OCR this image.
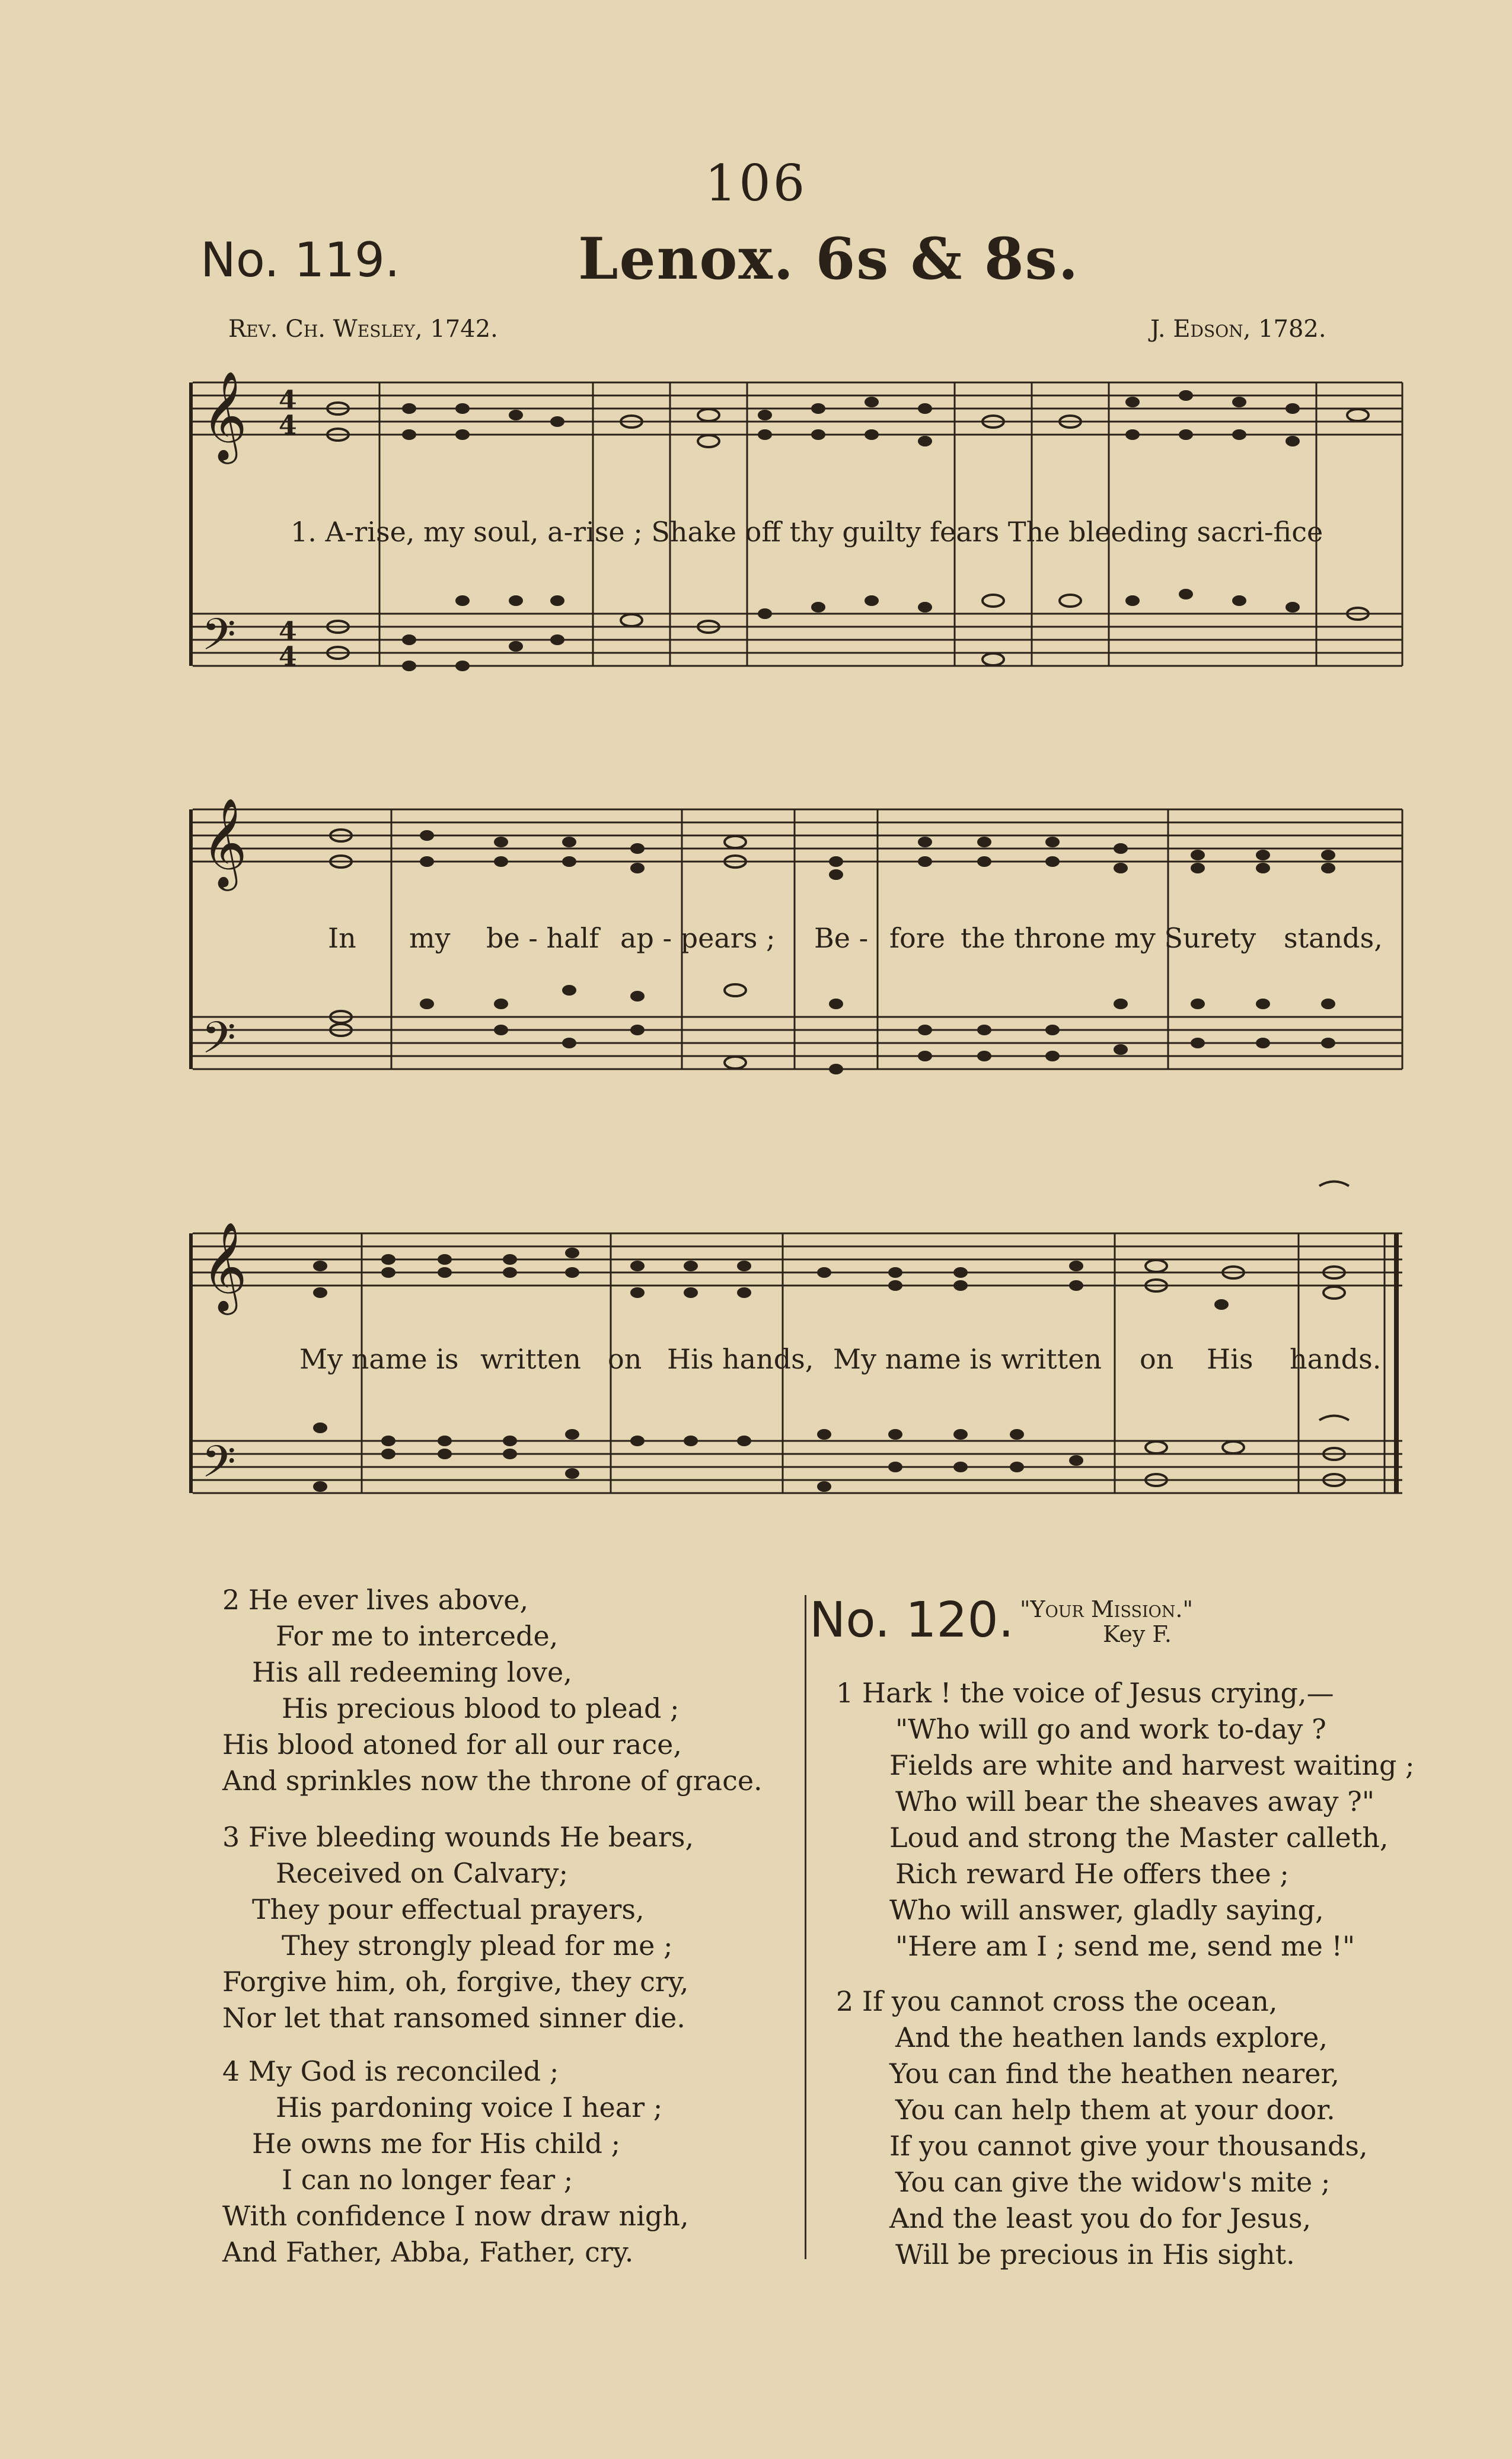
106
No. 119.	Lenox. 6s & 8s.
Rev. Ch. Wesley, 1742.	J. Edson, 1782.
𝄞
𝄢
4
4
4
4
1. A-rise, my soul, a-rise ; Shake off thy guilty fears The bleeding sacri-fice
𝄞
𝄢
In my be - half ap - pears ; Be - fore the throne my Surety stands,
𝄞
𝄢
My name is written on His hands, My name is written on His hands.
2 He ever lives above,
For me to intercede,
His all redeeming love,
His precious blood to plead ;
His blood atoned for all our race,
And sprinkles now the throne of grace.
3 Five bleeding wounds He bears,
Received on Calvary;
They pour effectual prayers,
They strongly plead for me ;
Forgive him, oh, forgive, they cry,
Nor let that ransomed sinner die.
4 My God is reconciled ;
His pardoning voice I hear ;
He owns me for His child ;
I can no longer fear ;
With confidence I now draw nigh,
And Father, Abba, Father, cry.
No. 120. "Your Mission."
Key F.
1 Hark ! the voice of Jesus crying,—
"Who will go and work to-day ?
Fields are white and harvest waiting ;
Who will bear the sheaves away ?"
Loud and strong the Master calleth,
Rich reward He offers thee ;
Who will answer, gladly saying,
"Here am I ; send me, send me !"
2 If you cannot cross the ocean,
And the heathen lands explore,
You can find the heathen nearer,
You can help them at your door.
If you cannot give your thousands,
You can give the widow's mite ;
And the least you do for Jesus,
Will be precious in His sight.
